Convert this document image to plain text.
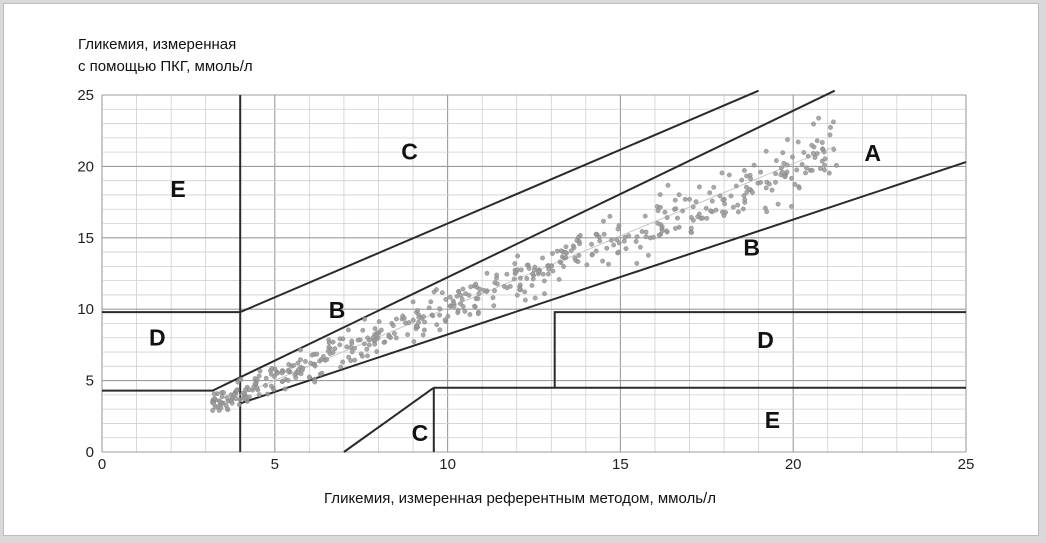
Гликемия, измеренная
с помощью ПКГ, ммоль/л

A
B
B
C
C
D	D
E
E
0	5	10	15	20	25
0
5
10
15
20
25

Гликемия, измеренная референтным методом, ммоль/л
